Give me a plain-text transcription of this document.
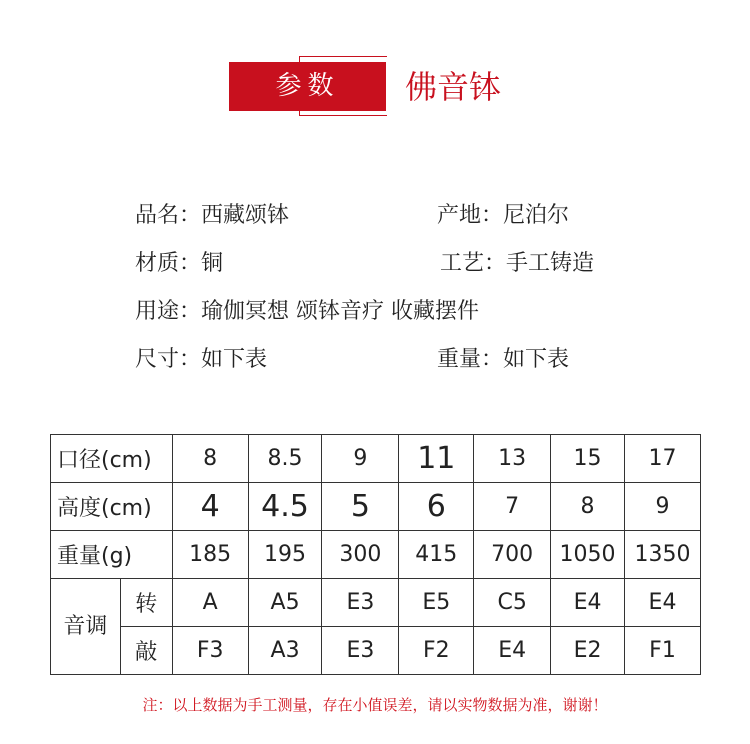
参数	佛音钵
品名：西藏颂钵	产地：尼泊尔
材质：铜	工艺：手工铸造
用途：瑜伽冥想 颂钵音疗 收藏摆件
尺寸：如下表	重量：如下表
口径(cm)		8	8.5	9	11	13	15	17
高度(cm)		4	4.5	5	6	7	8	9
重量(g)		185	195	300	415	700	1050	1350
音调	转	A	A5	E3	E5	C5	E4	E4
	敲	F3	A3	E3	F2	E4	E2	F1
注：以上数据为手工测量，存在小值误差，请以实物数据为准，谢谢！
